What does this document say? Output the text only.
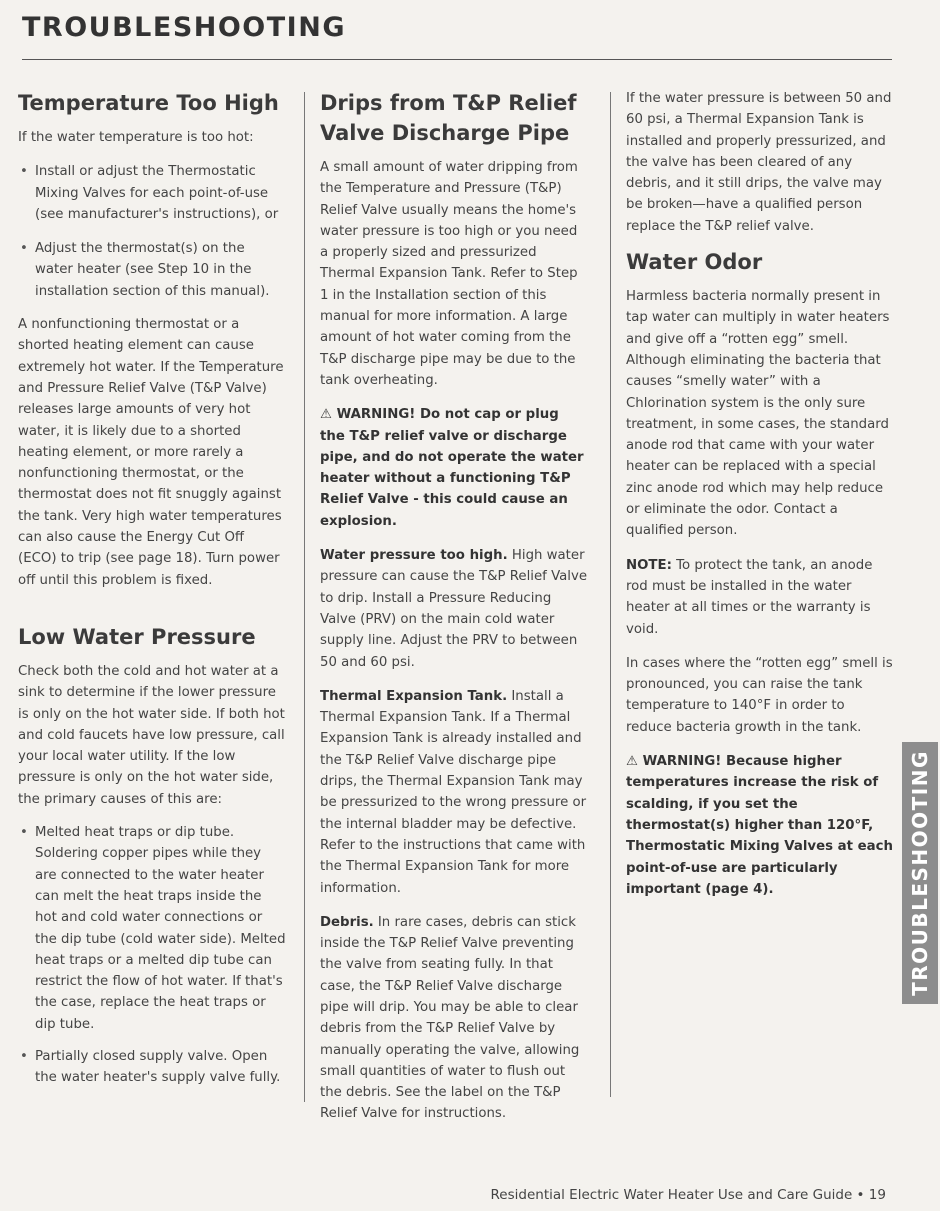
TROUBLESHOOTING
Temperature Too High

If the water temperature is too hot:

• Install or adjust the Thermostatic Mixing Valves for each point-of-use (see manufacturer's instructions), or
• Adjust the thermostat(s) on the water heater (see Step 10 in the installation section of this manual).

A nonfunctioning thermostat or a shorted heating element can cause extremely hot water. If the Temperature and Pressure Relief Valve (T&P Valve) releases large amounts of very hot water, it is likely due to a shorted heating element, or more rarely a nonfunctioning thermostat, or the thermostat does not fit snuggly against the tank. Very high water temperatures can also cause the Energy Cut Off (ECO) to trip (see page 18). Turn power off until this problem is fixed.

Low Water Pressure

Check both the cold and hot water at a sink to determine if the lower pressure is only on the hot water side. If both hot and cold faucets have low pressure, call your local water utility. If the low pressure is only on the hot water side, the primary causes of this are:

• Melted heat traps or dip tube. Soldering copper pipes while they are connected to the water heater can melt the heat traps inside the hot and cold water connections or the dip tube (cold water side). Melted heat traps or a melted dip tube can restrict the flow of hot water. If that's the case, replace the heat traps or dip tube.
• Partially closed supply valve. Open the water heater's supply valve fully.
Drips from T&P Relief Valve Discharge Pipe

A small amount of water dripping from the Temperature and Pressure (T&P) Relief Valve usually means the home's water pressure is too high or you need a properly sized and pressurized Thermal Expansion Tank. Refer to Step 1 in the Installation section of this manual for more information. A large amount of hot water coming from the T&P discharge pipe may be due to the tank overheating.

⚠ WARNING! Do not cap or plug the T&P relief valve or discharge pipe, and do not operate the water heater without a functioning T&P Relief Valve - this could cause an explosion.

Water pressure too high. High water pressure can cause the T&P Relief Valve to drip. Install a Pressure Reducing Valve (PRV) on the main cold water supply line. Adjust the PRV to between 50 and 60 psi.

Thermal Expansion Tank. Install a Thermal Expansion Tank. If a Thermal Expansion Tank is already installed and the T&P Relief Valve discharge pipe drips, the Thermal Expansion Tank may be pressurized to the wrong pressure or the internal bladder may be defective. Refer to the instructions that came with the Thermal Expansion Tank for more information.

Debris. In rare cases, debris can stick inside the T&P Relief Valve preventing the valve from seating fully. In that case, the T&P Relief Valve discharge pipe will drip. You may be able to clear debris from the T&P Relief Valve by manually operating the valve, allowing small quantities of water to flush out the debris. See the label on the T&P Relief Valve for instructions.

If the water pressure is between 50 and 60 psi, a Thermal Expansion Tank is installed and properly pressurized, and the valve has been cleared of any debris, and it still drips, the valve may be broken—have a qualified person replace the T&P relief valve.

Water Odor

Harmless bacteria normally present in tap water can multiply in water heaters and give off a “rotten egg” smell. Although eliminating the bacteria that causes “smelly water” with a Chlorination system is the only sure treatment, in some cases, the standard anode rod that came with your water heater can be replaced with a special zinc anode rod which may help reduce or eliminate the odor. Contact a qualified person.

NOTE: To protect the tank, an anode rod must be installed in the water heater at all times or the warranty is void.

In cases where the “rotten egg” smell is pronounced, you can raise the tank temperature to 140°F in order to reduce bacteria growth in the tank.

⚠ WARNING! Because higher temperatures increase the risk of scalding, if you set the thermostat(s) higher than 120°F, Thermostatic Mixing Valves at each point-of-use are particularly important (page 4).	TROUBLESHOOTING
Residential Electric Water Heater Use and Care Guide • 19
